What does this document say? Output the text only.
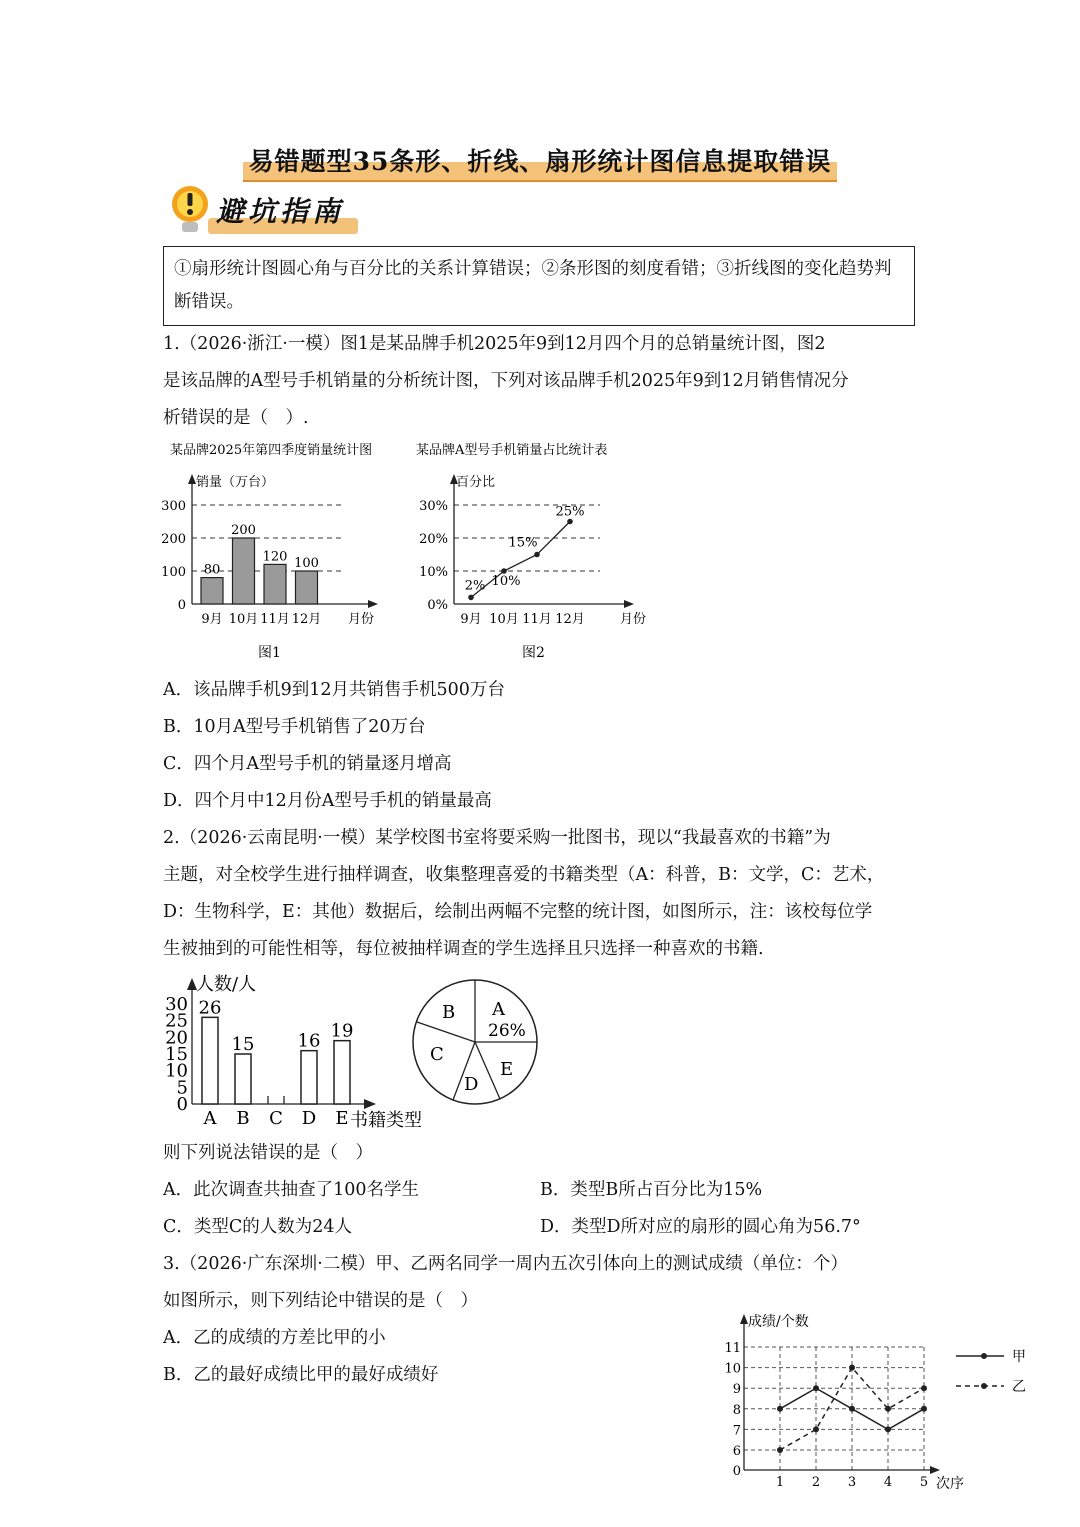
易错题型35条形、折线、扇形统计图信息提取错误
避坑指南
①扇形统计图圆心角与百分比的关系计算错误；②条形图的刻度看错；③折线图的变化趋势判断错误。
1.（2026·浙江·一模）图1是某品牌手机2025年9到12月四个月的总销量统计图，图2
是该品牌的A型号手机销量的分析统计图，下列对该品牌手机2025年9到12月销售情况分
析错误的是（　）.
某品牌2025年第四季度销量统计图
销量（万台）
0
100
200
300
80
9月
200
10月
120
11月
100
12月 月份
图1
某品牌A型号手机销量占比统计表
百分比
0%
10%
20%
30%
2%
9月
10%
10月
15%
11月
25%
12月	月份
图2
A．该品牌手机9到12月共销售手机500万台
B．10月A型号手机销售了20万台
C．四个月A型号手机的销量逐月增高
D．四个月中12月份A型号手机的销量最高
2.（2026·云南昆明·一模）某学校图书室将要采购一批图书，现以“我最喜欢的书籍”为
主题，对全校学生进行抽样调查，收集整理喜爱的书籍类型（A：科普，B：文学，C：艺术，
D：生物科学，E：其他）数据后，绘制出两幅不完整的统计图，如图所示，注：该校每位学
生被抽到的可能性相等，每位被抽样调查的学生选择且只选择一种喜欢的书籍.
人数/人
0
5
10
15
20
25
30 26
A
15
B C
16
D
19
E 书籍类型
A
26%
B
C
D
E
则下列说法错误的是（　）
A．此次调查共抽查了100名学生	B．类型B所占百分比为15%
C．类型C的人数为24人	D．类型D所对应的扇形的圆心角为56.7°
3.（2026·广东深圳·二模）甲、乙两名同学一周内五次引体向上的测试成绩（单位：个）
如图所示，则下列结论中错误的是（　）
A．乙的成绩的方差比甲的小
B．乙的最好成绩比甲的最好成绩好
成绩/个数
0
6
7
8
9
10
11
1 2 3 4 5 次序
甲
乙
